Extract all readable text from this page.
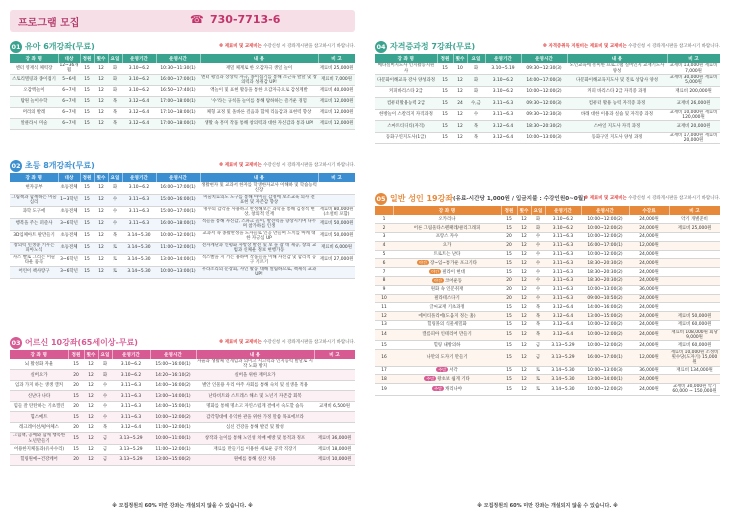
프로그램 모집	☎ 730-7713-6
01 유아 6개강좌(무료)	※ 재료비 및 교재비는 수강신청 시 강좌게시판을 참고하시기 바랍니다.
강 좌 명	대상	정원	횟수	요일	운영기간	운영시간	내 용	비 고
엔터 영재식 체력장	12~36개월	15	12	화	3.10~6.2	10:30~11:30(1)	재밀 체계로 한 오감자극 생일 놀이	재료비 25,000원
스토리텔링과 종이접기	5~6세	15	12	화	3.10~6.2	16:00~17:00(1)	엔터 평일과 상상력 자극, 종이접기를 통해 소근육 발달 및 창의력과 성취감 UP!	재료비 7,000원
오감액놀이	6~7세	15	12	화	3.10~6.2	16:50~17:40(1)	액놀이 및 표현 활동을 통한 오감자극으로 감성계발	재료비 40,000원
탐원 놀이수학	6~7세	15	12	목	3.12~6.4	17:00~18:00(1)	'수'라는 규칙을 놀이를 통해 탐하하는 즐거운 경험	재료비 12,000원
머리의 발레	6~7세	15	12	목	3.12~6.4	17:10~18:00(1)	체형 교정 및 올바른 걸음과 함께 리듬감과 표현력 향상	재료비 12,000원
알클라시 미술	6~7세	15	12	목	3.12~6.4	17:00~18:00(1)	생활 속 흥미 작품 통해 창의력과 대한 자신감과 통과 UP!	재료비 12,000원
02 초등 8개강좌(무료)	※ 재료비 및 교재비는 수강신청 시 강좌게시판을 참고하시기 바랍니다.
강 좌 명	대상	정원	횟수	요일	운영기간	운영시간	내 용	비 고
현자공부	초등전체	15	12	화	3.10~6.2	16:00~17:00(1)	생활현자 및 교과서 한자를 학생한자교사 이해하 및 학습능력 신장	
그림책과 함께하는 미술심리	1~3학년	15	12	수	3.11~6.3	15:00~16:00(1)	미술치료의도 도구를 통해 아이들 감정에 보조교육 의사 전 표현 및 자존감 향상	
과학 도구에	초등전체	15	12	수	3.11~6.3	15:00~17:00(1)	명수의 감각을 사용하고 완성해보는 과학을 통해 김정적 현상, 창의적 인재	재료비 80,000원 (소설비 포함)
행복을 주는 퍼즐사	3~6학년	15	12	수	3.11~6.3	16:00~18:00(1)	적들을 통해 자신감, 스파크 놀이, 발견력을 향상시키며 나누며 참가하를 인생	재료비 50,000원
3D입체아트 팔만들기	초등전체	15	12	목	3.14~5.30	10:00~12:00(1)	교과서 속 종활완성을 도자들로 인공 만들며 느끼를 마케 대한 자긍심 UP	재료비 50,000원
창의력 민생중 키우는 피아노식	초등전체	15	12	토	3.14~5.30	11:00~12:00(1)	전자계단과 인평화 사항상 발전 및 보 돌 잡 데 제공, 창의 교범과 신체운 정보 현행가동	재료비 6,000원
자스 빨로 그리는 미술타운 품곡	3~6학년	15	12	토	3.14~5.30	13:00~14:00(1)	적스빨을 지 거든 용하여 작품들을 이해 자신감 및 합리적 공구 기르기	재료비 27,000원
어린이 책사랑구	3~6학년	15	12	토	3.14~5.30	10:00~13:00(1)	우라소리의 문장회, 사인 활동 대해 알림하으로, 책제직 교과 UP!	
03 어르신 10강좌(65세이상-무료)	※ 재료비 및 교재비는 수강신청 시 강좌게시판을 참고하시기 바랍니다.
강 좌 명	정원	횟수	요일	운영기간	운영시간	내 용	비 고
뇌 활성화 자율	15	12	화	3.10~6.2	15:00~16:00(1)	자율과 생활체 언게임과 의미고 시고력과 인지능력 발달로 시작 노화 방지	
실버요가	20	12	화	3.10~6.2	14:20~16:10(2)	실버을 위한 재미요가	
임과 가지 하는 생생 캘커	20	12	수	3.11~6.3	14:00~16:00(2)	별안 인물용 우리 아주 사회를 통해 숙치 및 실생을 적용	
신난다 나타	15	12	수	3.11~6.3	13:00~14:00(1)	난타비트와 스트레스 해소 및 노년기 자존감 회복	
힘들 잘 탄탄하는 기초캘린	20	12	수	3.11~6.3	14:00~15:00(1)	명화를 통해 명소고 자연스럽게 결에서 숙도할 습득	교재비 6,500원
힙스메트	15	12	수	3.11~6.3	10:00~12:00(2)	감각형대에 유익한 관을 위한 가정 말씀 목표에브라	
레크레이션/평아체스	20	12	목	3.12~6.4	11:00~12:00(1)	심신 건강을 통해 발걷 및 활성	
그힘책, 공예와 함께 행복한 노년만들기	15	12	금	3.13~5.29	10:00~11:00(1)	창작과 놀이를 통해 노인성 치매 예방 및 통적과 정포	재료비 36,000원
어용한지체품과(유사수리)	15	12	금	3.13~5.29	11:00~12:00(1)	재료를 만들기를 이용한 새로운 공작 직장기	재료비 18,000원
힐링원예~건강케어	20	12	금	3.13~5.29	13:00~15:00(2)	원예를 통해 실산 치유	재료비 10,000원
※ 모집정원의 60% 미만 강좌는 개설되지 않을 수 있습니다. ※
04 자격증과정 7강좌(무료)	※ 자격증취득 지원비는 재료비 및 교재비는 수강신청 시 강좌게시판을 참고하시기 바랍니다.
강 좌 명	정원	횟수	요일	운영기간	운영시간	내 용	비 고
메타실버지도사 인지활동지원사	15	10	화	3.10~5.19	09:30~12:30(3)	노인교육에 흥미한 프로그램 실버인지 교재기도사 양성	교재비 13,000원 재료비 7,000원
다문화이해교육 강사 양성과정	15	12	화	3.10~6.2	14:00~17:00(3)	다문화이해교육지도사 및 진로 상담사 양성	교재비 30,000원 재료비 5,000원
커피바리스타 2급	15	12	화	3.10~6.2	10:00~12:00(2)	커피 바리스타 2급 자격증 과정	재료비 200,000원
컴퓨터활용능력 2급	15	24	수,금	3.11~6.3	09:30~12:00(3)	컴퓨터 활용 능력 자격증 과정	교재비 26,000원
한방놀이 스칼리지 자격과정	15	12	수	3.11~6.3	09:30~12:30(3)	바래 대한 이용과 실습 및 자격증 과정	교재비 10,000원 재료비 120,000원
스마트티디티(자격)	15	12	목	3.12~6.4	18:30~20:30(2)	스마일 지도사 자격 과정	교재비 20,000원
동화구연지도사(1급)	15	12	목	3.12~6.4	10:00~13:00(3)	동화구연 지도사 양성 과정	교재비 17,000원 재료비 20,000원
05 일반 성인 19강좌 (유료-시간당 1,000원 / 입금지불 : 수강인원0~0월)
※ 재료비 및 교재비는 수강신청 시 강좌게시판을 참고하시기 바랍니다.
	강 좌 명	정원	횟수	요일	운영기간	운영시간	수강료	비 고
1	오카리나	15	12	화	3.10~6.2	10:00~12:00(2)	24,000원	악기 개별준비
2	어른 그림울타스펜패레/클리그래피	15	12	화	3.10~6.2	10:00~12:00(2)	24,000원	재료비 25,000원
3	프랑스 자수	20	12	수	3.11~6.3	10:00~12:00(2)	24,000원	
4	요가	20	12	수	3.11~6.3	16:00~17:00(1)	12,000원	
5	트로트는 난타	15	12	수	3.11~6.3	10:00~12:00(2)	24,000원	
6	야간 장~임~통가운 포크기타	15	12	수	3.11~6.3	18:30~20:30(2)	24,000원	
7	야간 필라이 현대	15	12	수	3.11~6.3	18:30~20:30(2)	24,000원	
8	야간 코어운동	20	12	수	3.11~6.3	18:30~20:30(2)	24,000원	
9	원화 속 인문취재	20	12	수	3.11~6.3	10:00~13:00(3)	36,000원	
10	필라테스다기	20	12	수	3.11~6.3	09:00~10:50(2)	24,000원	
11	글씨교재 기초과정	15	12	목	3.12~6.4	14:00~16:00(2)	24,000원	
12	에이티플리에(도움지 정는 홈)	15	12	목	3.12~6.4	13:00~15:00(2)	24,000원	재료비 50,000원
13	힐링몰의 식물세밀화	15	12	목	3.12~6.4	10:00~12:00(2)	24,000원	재료비 60,000원
14	캘름피아 인테리어 만들기	15	12	목	3.12~6.4	10:00~12:00(2)	24,000원	재료비 108,000원 회당 9,000원
15	힐링 내방의하	15	12	금	3.13~5.29	10:00~12:00(2)	24,000원	재료비 60,000원
16	나만의 도자기 만들기	15	12	금	3.13~5.29	16:00~17:00(1)	12,000원	재료비 10,000원 소성비 횟수당(도자기) 15,000원
17	주말 서각	15	12	토	3.14~5.30	10:00~13:00(3)	36,000원	재료비 134,000원
18	주말 왕초보 쉽게 기타	15	12	토	3.14~5.30	13:00~14:00(1)	24,000원	
19	주말 캐리나야	15	12	토	3.14~5.30	10:00~12:00(2)	24,000원	교재비 30,000원 악기 60,000 ~ 150,000원
※ 모집정원의 60% 미만 강좌는 개설되지 않을 수 있습니다. ※
